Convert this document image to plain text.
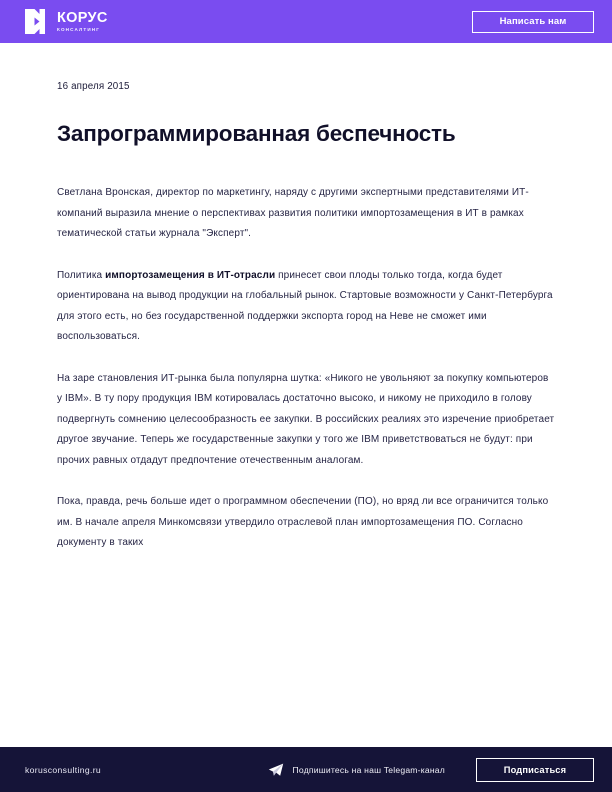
КОРУС
КОНСАЛТИНГ
Написать нам
16 апреля 2015
Запрограммированная беспечность

Светлана Вронская, директор по маркетингу, наряду с другими экспертными представителями ИТ-компаний выразила мнение о перспективах развития политики импортозамещения в ИТ в рамках тематической статьи журнала "Эксперт".

Политика импортозамещения в ИТ-отрасли принесет свои плоды только тогда, когда будет ориентирована на вывод продукции на глобальный рынок. Стартовые возможности у Санкт-Петербурга для этого есть, но без государственной поддержки экспорта город на Неве не сможет ими воспользоваться.

На заре становления ИТ-рынка была популярна шутка: «Никого не увольняют за покупку компьютеров у IBM». В ту пору продукция IBM котировалась достаточно высоко, и никому не приходило в голову подвергнуть сомнению целесообразность ее закупки. В российских реалиях это изречение приобретает другое звучание. Теперь же государственные закупки у того же IBM приветствоваться не будут: при прочих равных отдадут предпочтение отечественным аналогам.

Пока, правда, речь больше идет о программном обеспечении (ПО), но вряд ли все ограничится только им. В начале апреля Минкомсвязи утвердило отраслевой план импортозамещения ПО. Согласно документу в таких

korusconsulting.ru	Подпишитесь на наш Telegam-канал	Подписаться
